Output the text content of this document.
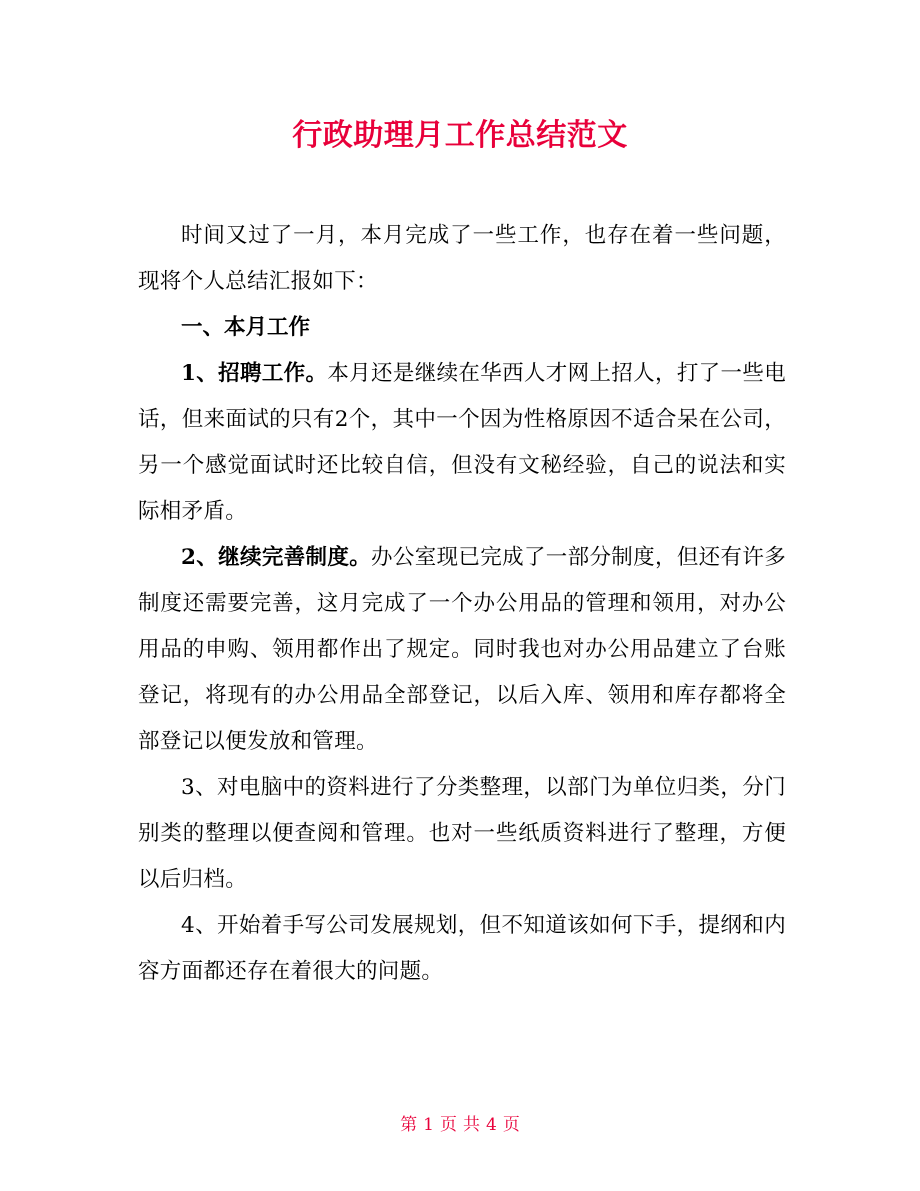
行政助理月工作总结范文

时间又过了一月，本月完成了一些工作，也存在着一些问题，现将个人总结汇报如下：

一、本月工作

1、招聘工作。本月还是继续在华西人才网上招人，打了一些电话，但来面试的只有2个，其中一个因为性格原因不适合呆在公司，另一个感觉面试时还比较自信，但没有文秘经验，自己的说法和实际相矛盾。

2、继续完善制度。办公室现已完成了一部分制度，但还有许多制度还需要完善，这月完成了一个办公用品的管理和领用，对办公用品的申购、领用都作出了规定。同时我也对办公用品建立了台账登记，将现有的办公用品全部登记，以后入库、领用和库存都将全部登记以便发放和管理。

3、对电脑中的资料进行了分类整理，以部门为单位归类，分门别类的整理以便查阅和管理。也对一些纸质资料进行了整理，方便以后归档。

4、开始着手写公司发展规划，但不知道该如何下手，提纲和内容方面都还存在着很大的问题。

第 1 页 共 4 页
